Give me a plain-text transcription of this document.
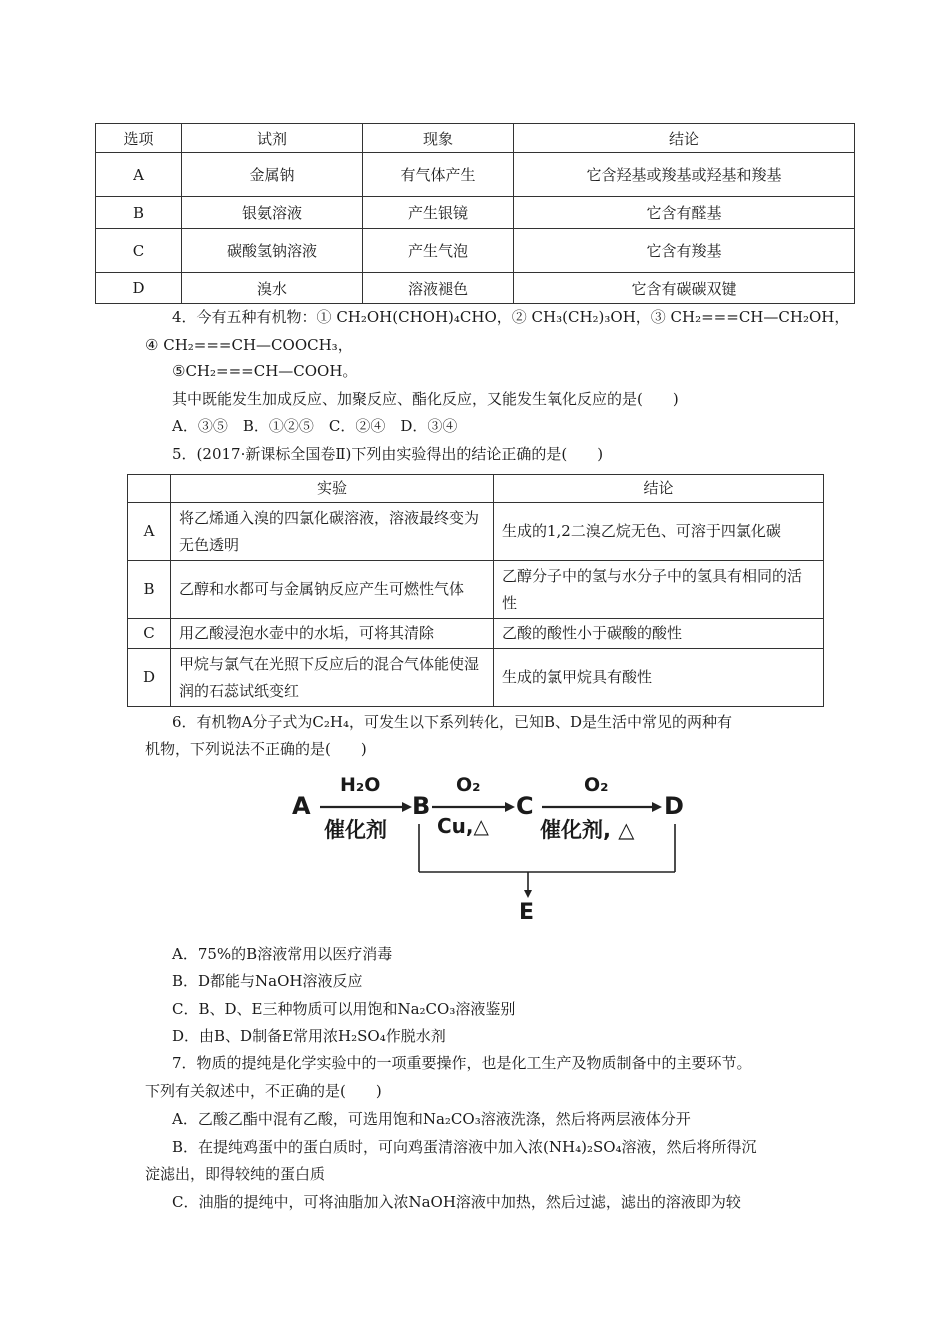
选项	试剂	现象	结论
A	金属钠	有气体产生	它含羟基或羧基或羟基和羧基
B	银氨溶液	产生银镜	它含有醛基
C	碳酸氢钠溶液	产生气泡	它含有羧基
D	溴水	溶液褪色	它含有碳碳双键
4．今有五种有机物：① CH₂OH(CHOH)₄CHO，② CH₃(CH₂)₃OH，③ CH₂===CH—CH₂OH，
④ CH₂===CH—COOCH₃，
⑤CH₂===CH—COOH。
其中既能发生加成反应、加聚反应、酯化反应，又能发生氧化反应的是(　　)
A．③⑤　B．①②⑤　C．②④　D．③④
5．(2017·新课标全国卷Ⅱ)下列由实验得出的结论正确的是(　　)
	实验	结论
A	将乙烯通入溴的四氯化碳溶液，溶液最终变为无色透明	生成的1,2二溴乙烷无色、可溶于四氯化碳
B	乙醇和水都可与金属钠反应产生可燃性气体	乙醇分子中的氢与水分子中的氢具有相同的活性
C	用乙酸浸泡水壶中的水垢，可将其清除	乙酸的酸性小于碳酸的酸性
D	甲烷与氯气在光照下反应后的混合气体能使湿润的石蕊试纸变红	生成的氯甲烷具有酸性
6．有机物A分子式为C₂H₄，可发生以下系列转化，已知B、D是生活中常见的两种有
机物，下列说法不正确的是(　　)
A	B	C	D
E
H₂O
催化剂
O₂
Cu,△
O₂
催化剂, △
A．75%的B溶液常用以医疗消毒
B．D都能与NaOH溶液反应
C．B、D、E三种物质可以用饱和Na₂CO₃溶液鉴别
D．由B、D制备E常用浓H₂SO₄作脱水剂
7．物质的提纯是化学实验中的一项重要操作，也是化工生产及物质制备中的主要环节。
下列有关叙述中，不正确的是(　　)
A．乙酸乙酯中混有乙酸，可选用饱和Na₂CO₃溶液洗涤，然后将两层液体分开
B．在提纯鸡蛋中的蛋白质时，可向鸡蛋清溶液中加入浓(NH₄)₂SO₄溶液，然后将所得沉
淀滤出，即得较纯的蛋白质
C．油脂的提纯中，可将油脂加入浓NaOH溶液中加热，然后过滤，滤出的溶液即为较
